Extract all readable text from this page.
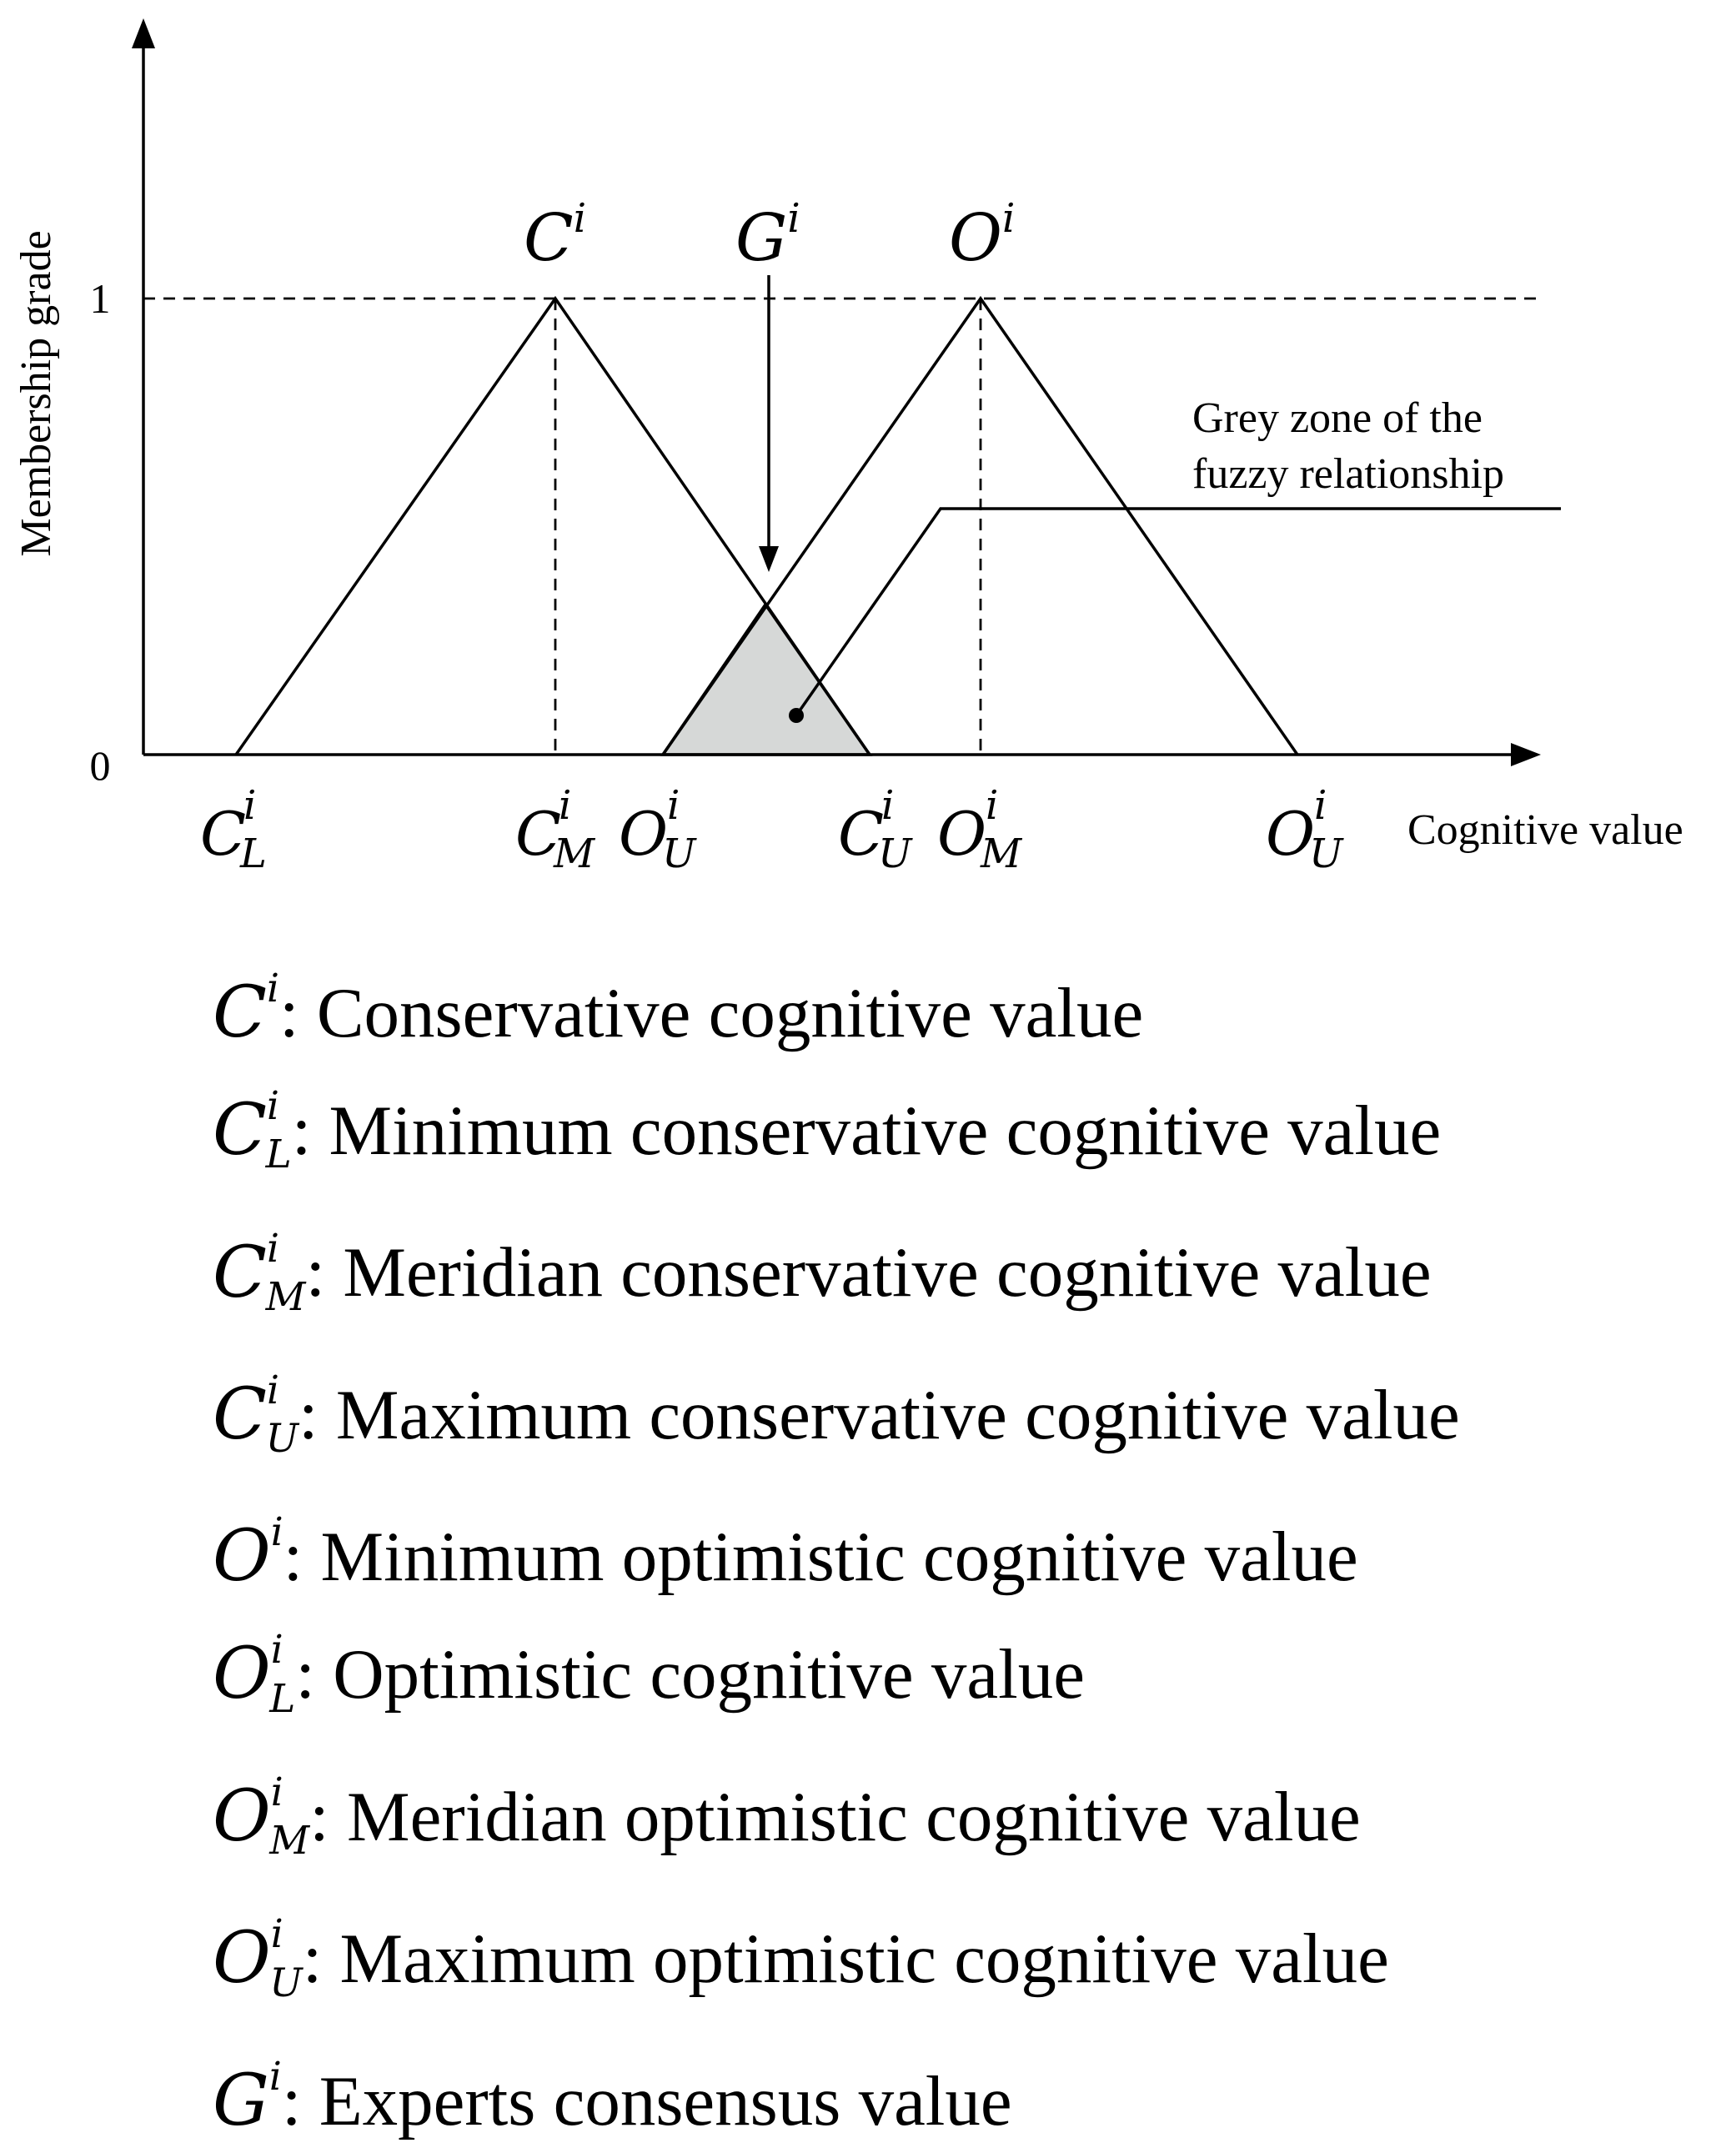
Membership grade 1
0
$C^i$ $G^i$ $O^i$
C
i
L	C
i
M O
i
U C
i
U O
i
M	O
i
U Cognitive value
Grey zone of the
fuzzy relationship
$C^i$: Conservative cognitive value
$C^i_L$: Minimum conservative cognitive value
$C^i_M$: Meridian conservative cognitive value
$C^i_U$: Maximum conservative cognitive value
$O^i$: Minimum optimistic cognitive value
$O^i_L$: Optimistic cognitive value
$O^i_M$: Meridian optimistic cognitive value
$O^i_U$: Maximum optimistic cognitive value
$G^i$: Experts consensus value
